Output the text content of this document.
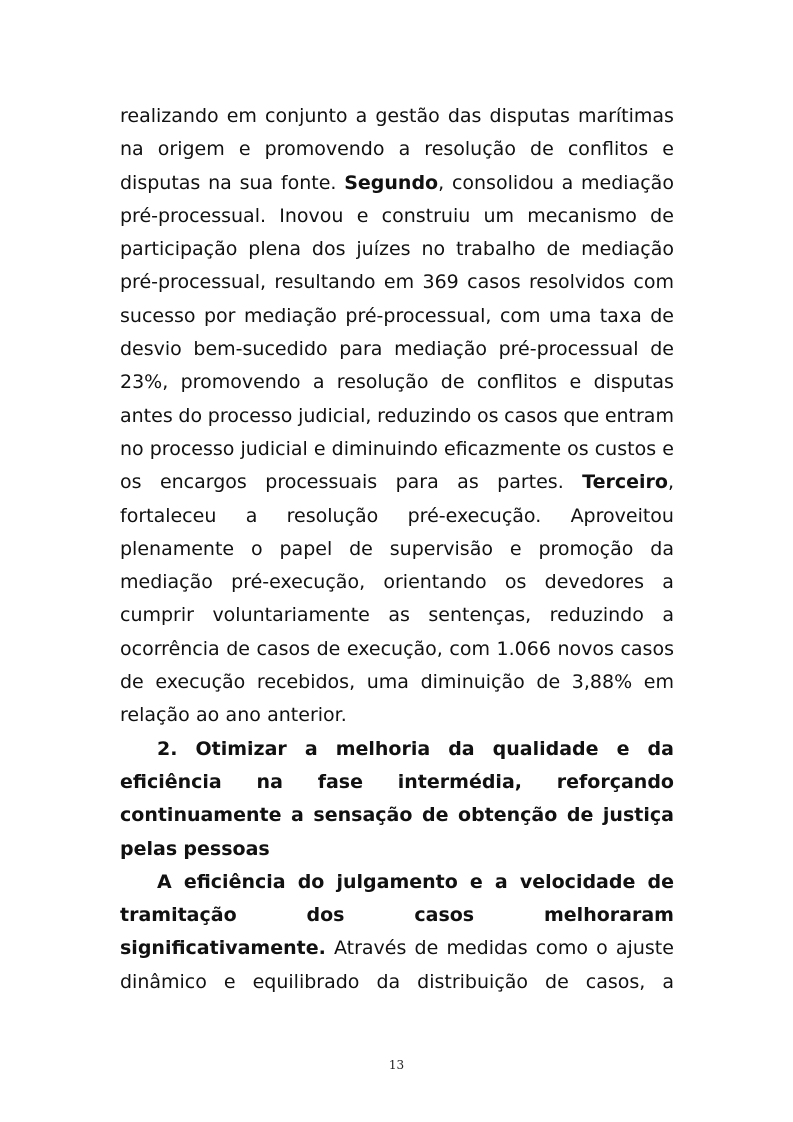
realizando em conjunto a gestão das disputas marítimas
na origem e promovendo a resolução de conflitos e
disputas na sua fonte. Segundo, consolidou a mediação
pré-processual. Inovou e construiu um mecanismo de
participação plena dos juízes no trabalho de mediação
pré-processual, resultando em 369 casos resolvidos com
sucesso por mediação pré-processual, com uma taxa de
desvio bem-sucedido para mediação pré-processual de
23%, promovendo a resolução de conflitos e disputas
antes do processo judicial, reduzindo os casos que entram
no processo judicial e diminuindo eficazmente os custos e
os encargos processuais para as partes. Terceiro,
fortaleceu a resolução pré-execução. Aproveitou
plenamente o papel de supervisão e promoção da
mediação pré-execução, orientando os devedores a
cumprir voluntariamente as sentenças, reduzindo a
ocorrência de casos de execução, com 1.066 novos casos
de execução recebidos, uma diminuição de 3,88% em
relação ao ano anterior.
2. Otimizar a melhoria da qualidade e da
eficiência na fase intermédia, reforçando
continuamente a sensação de obtenção de justiça
pelas pessoas
A eficiência do julgamento e a velocidade de
tramitação	dos	casos	melhoraram
significativamente. Através de medidas como o ajuste
dinâmico e equilibrado da distribuição de casos, a
13
